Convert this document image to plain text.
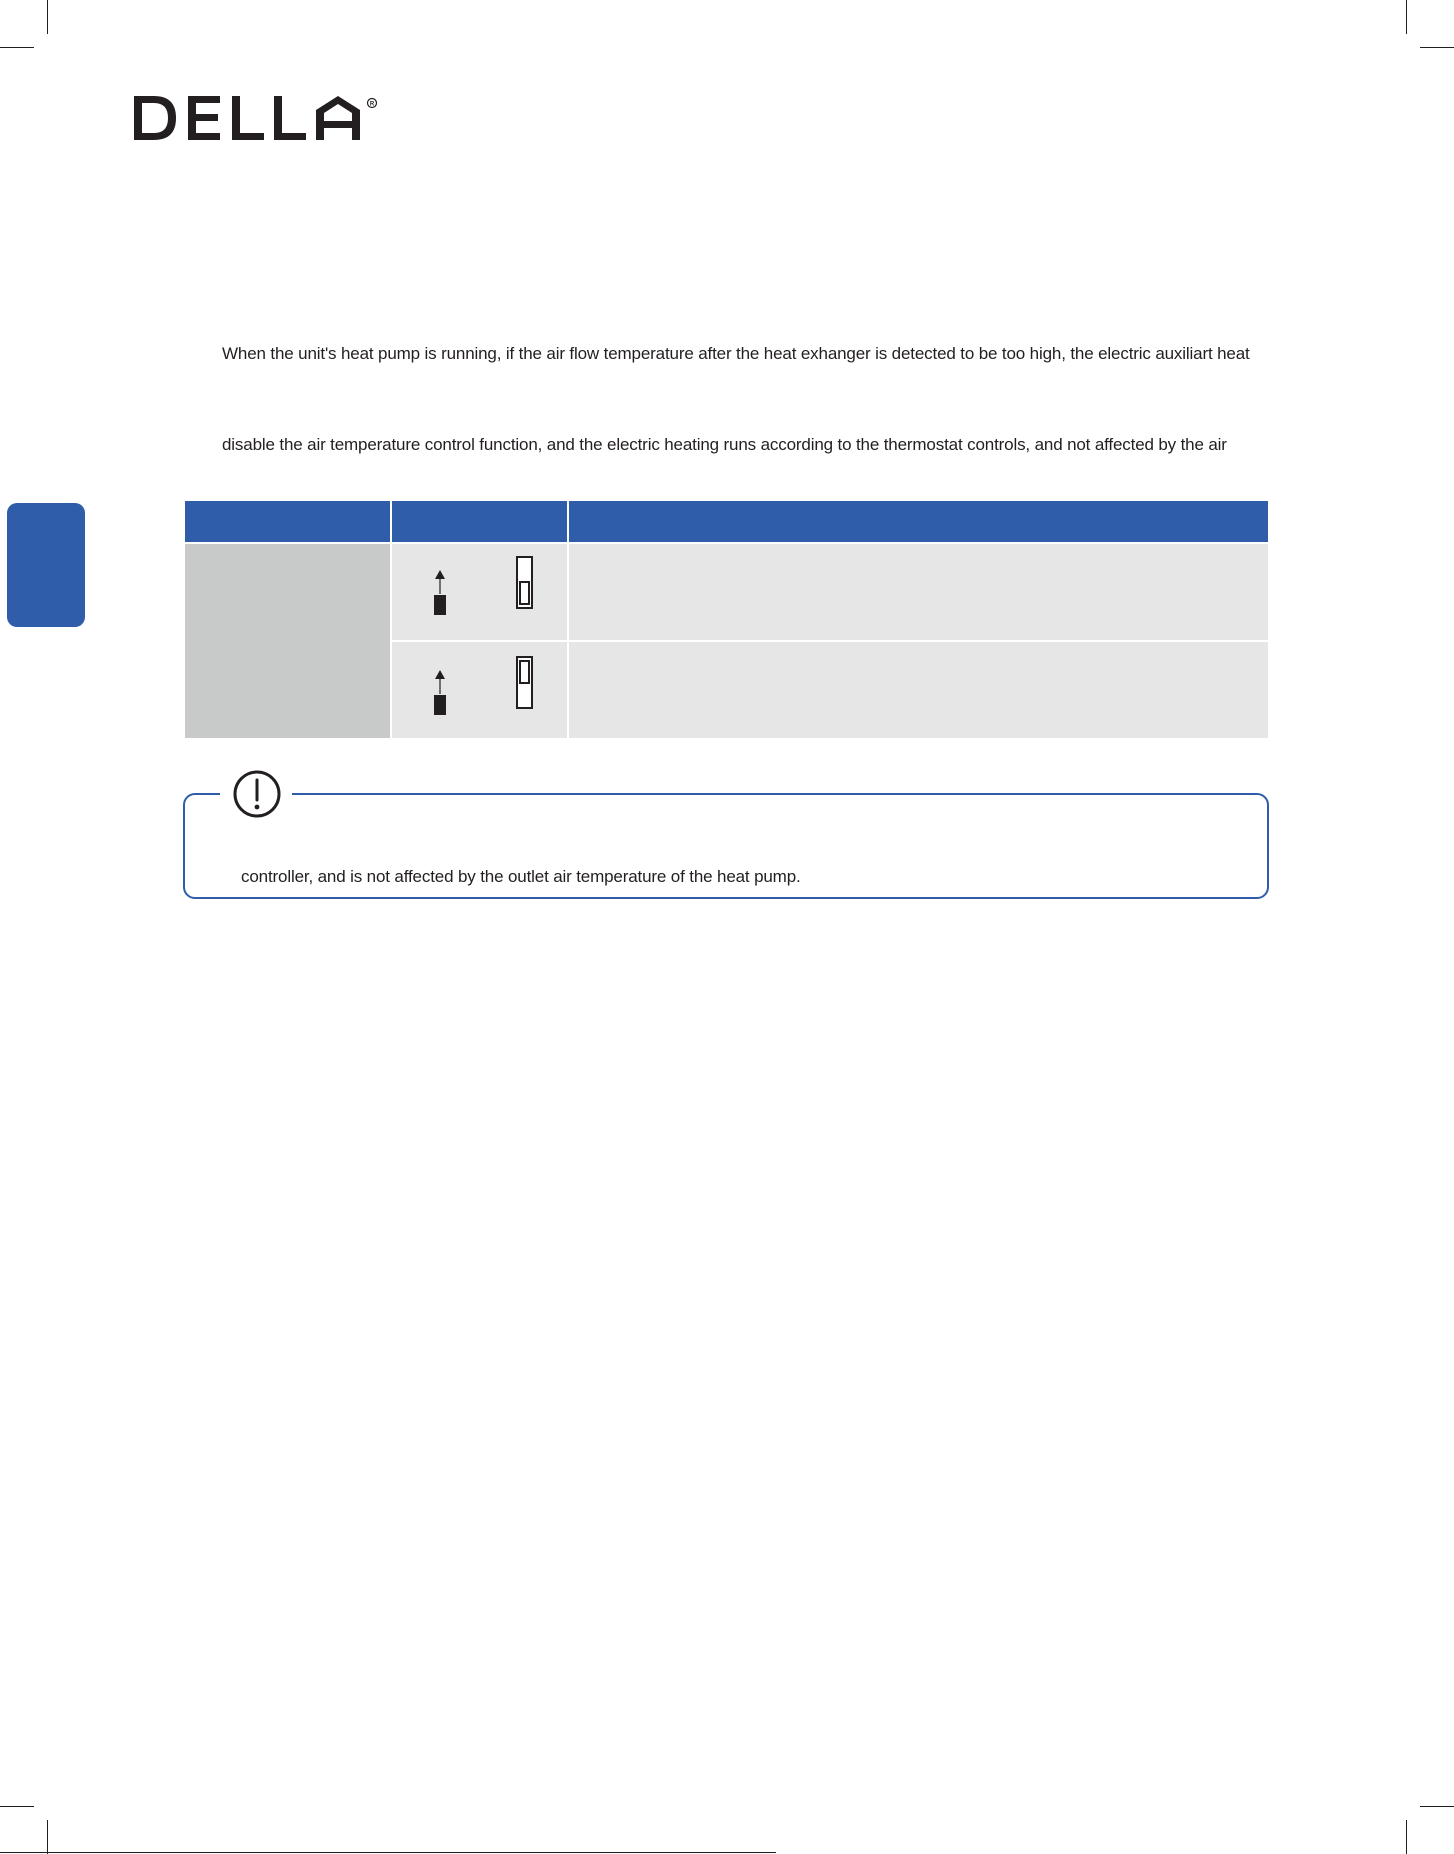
R
When the unit's heat pump is running, if the air flow temperature after the heat exhanger is detected to be too high, the electric auxiliart heat
disable the air temperature control function, and the electric heating runs according to the thermostat controls, and not affected by the air
controller, and is not affected by the outlet air temperature of the heat pump.
